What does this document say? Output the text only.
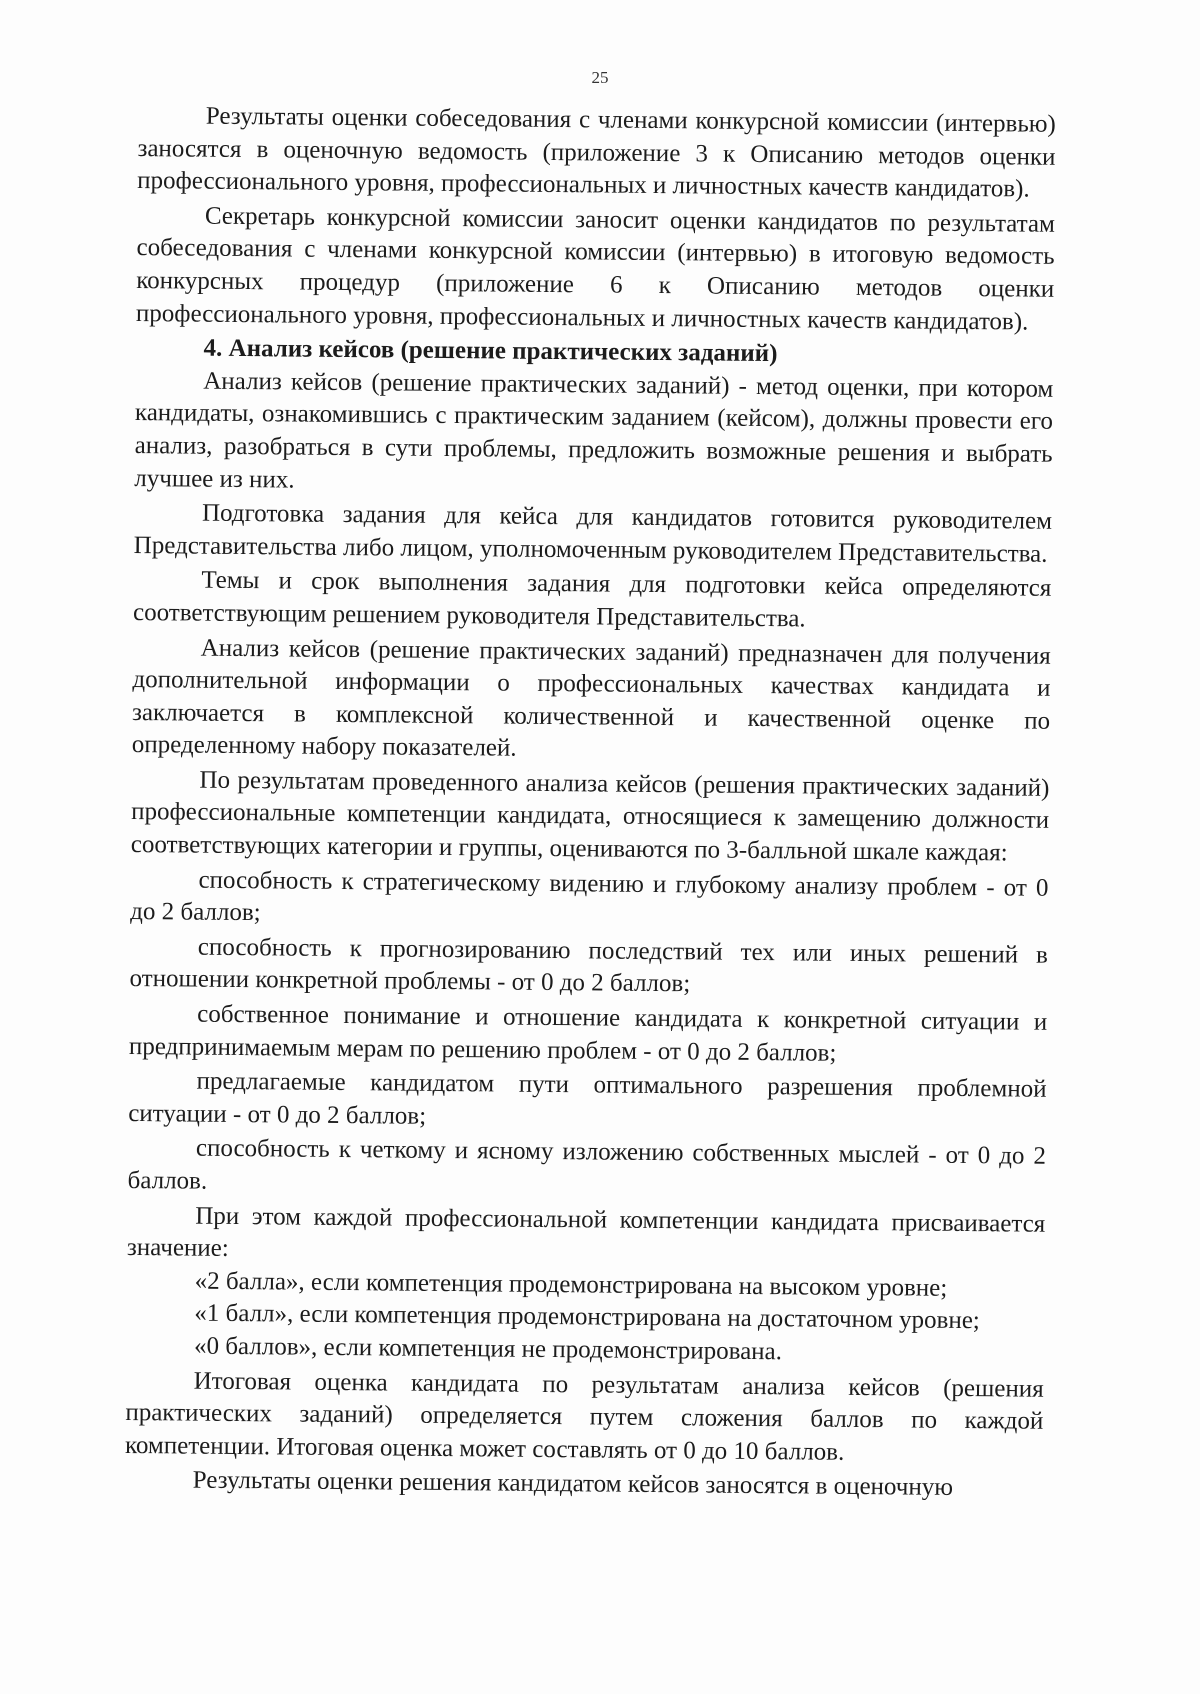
25

Результаты оценки собеседования с членами конкурсной комиссии (интервью) заносятся в оценочную ведомость (приложение 3 к Описанию методов оценки профессионального уровня, профессиональных и личностных качеств кандидатов).

Секретарь конкурсной комиссии заносит оценки кандидатов по результатам собеседования с членами конкурсной комиссии (интервью) в итоговую ведомость конкурсных процедур (приложение 6 к Описанию методов оценки профессионального уровня, профессиональных и личностных качеств кандидатов).

4. Анализ кейсов (решение практических заданий)

Анализ кейсов (решение практических заданий) - метод оценки, при котором кандидаты, ознакомившись с практическим заданием (кейсом), должны провести его анализ, разобраться в сути проблемы, предложить возможные решения и выбрать лучшее из них.

Подготовка задания для кейса для кандидатов готовится руководителем Представительства либо лицом, уполномоченным руководителем Представительства.

Темы и срок выполнения задания для подготовки кейса определяются соответствующим решением руководителя Представительства.

Анализ кейсов (решение практических заданий) предназначен для получения дополнительной информации о профессиональных качествах кандидата и заключается в комплексной количественной и качественной оценке по определенному набору показателей.

По результатам проведенного анализа кейсов (решения практических заданий) профессиональные компетенции кандидата, относящиеся к замещению должности соответствующих категории и группы, оцениваются по 3-балльной шкале каждая:

способность к стратегическому видению и глубокому анализу проблем - от 0 до 2 баллов;

способность к прогнозированию последствий тех или иных решений в отношении конкретной проблемы - от 0 до 2 баллов;

собственное понимание и отношение кандидата к конкретной ситуации и предпринимаемым мерам по решению проблем - от 0 до 2 баллов;

предлагаемые кандидатом пути оптимального разрешения проблемной ситуации - от 0 до 2 баллов;

способность к четкому и ясному изложению собственных мыслей - от 0 до 2 баллов.

При этом каждой профессиональной компетенции кандидата присваивается значение:

«2 балла», если компетенция продемонстрирована на высоком уровне;

«1 балл», если компетенция продемонстрирована на достаточном уровне;

«0 баллов», если компетенция не продемонстрирована.

Итоговая оценка кандидата по результатам анализа кейсов (решения практических заданий) определяется путем сложения баллов по каждой компетенции. Итоговая оценка может составлять от 0 до 10 баллов.

Результаты оценки решения кандидатом кейсов заносятся в оценочную
